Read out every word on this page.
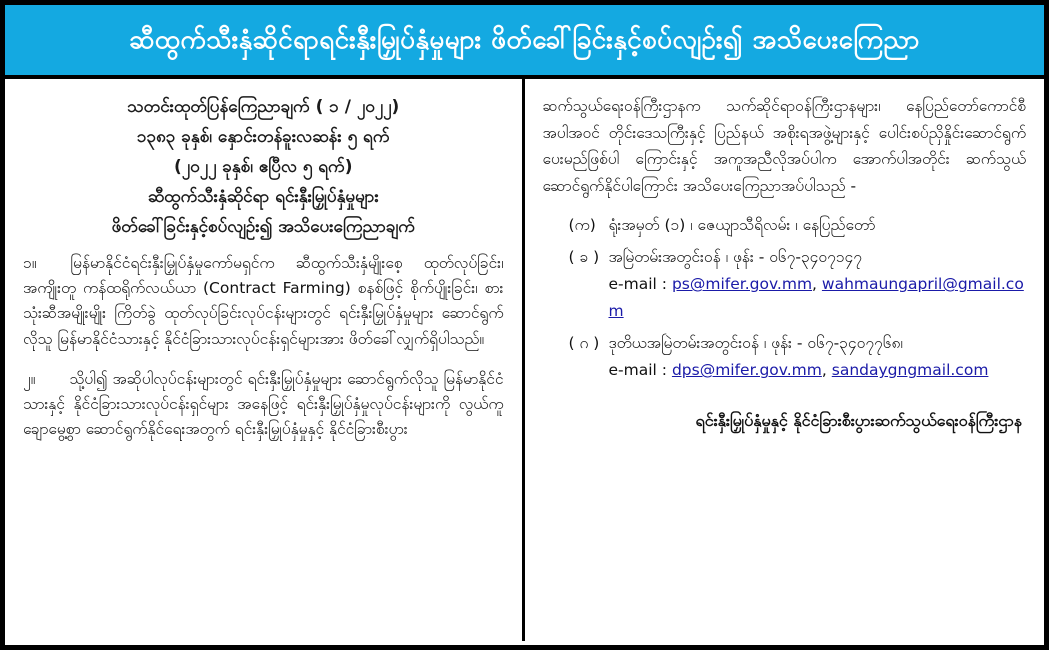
ဆီထွက်သီးနှံဆိုင်ရာရင်းနှီးမြှုပ်နှံမှုများ ဖိတ်ခေါ်ခြင်းနှင့်စပ်လျဉ်း၍ အသိပေးကြေညာ
သတင်းထုတ်ပြန်ကြေညာချက် ( ၁ / ၂၀၂၂)
၁၃၈၃ ခုနှစ်၊ နှောင်းတန်ခူးလဆန်း ၅ ရက်
(၂၀၂၂ ခုနှစ်၊ ဧပြီလ ၅ ရက်)
ဆီထွက်သီးနှံဆိုင်ရာ ရင်းနှီးမြှုပ်နှံမှုများ
ဖိတ်ခေါ်ခြင်းနှင့်စပ်လျဉ်း၍ အသိပေးကြေညာချက်

၁။ မြန်မာနိုင်ငံရင်းနှီးမြှုပ်နှံမှုကော်မရှင်က ဆီထွက်သီးနှံမျိုးစေ့ ထုတ်လုပ်ခြင်း၊ အကျိုးတူ ကန်ထရိုက်လယ်ယာ (Contract Farming) စနစ်ဖြင့် စိုက်ပျိုးခြင်း၊ စားသုံးဆီအမျိုးမျိုး ကြိတ်ခွဲ ထုတ်လုပ်ခြင်းလုပ်ငန်းများတွင် ရင်းနှီးမြှုပ်နှံမှုများ ဆောင်ရွက် လိုသူ မြန်မာနိုင်ငံသားနှင့် နိုင်ငံခြားသားလုပ်ငန်းရှင်များအား ဖိတ်ခေါ်လျှက်ရှိပါသည်။

၂။ သို့ပါ၍ အဆိုပါလုပ်ငန်းများတွင် ရင်းနှီးမြှုပ်နှံမှုများ ဆောင်ရွက်လိုသူ မြန်မာနိုင်ငံသားနှင့် နိုင်ငံခြားသားလုပ်ငန်းရှင်များ အနေဖြင့် ရင်းနှီးမြှုပ်နှံမှုလုပ်ငန်းများကို လွယ်ကူချောမွေ့စွာ ဆောင်ရွက်နိုင်ရေးအတွက် ရင်းနှီးမြှုပ်နှံမှုနှင့် နိုင်ငံခြားစီးပွား

ဆက်သွယ်ရေးဝန်ကြီးဌာနက သက်ဆိုင်ရာဝန်ကြီးဌာနများ၊ နေပြည်တော်ကောင်စီအပါအဝင် တိုင်းဒေသကြီးနှင့် ပြည်နယ် အစိုးရအဖွဲ့များနှင့် ပေါင်းစပ်ညှိနှိုင်းဆောင်ရွက်ပေးမည်ဖြစ်ပါ ကြောင်းနှင့် အကူအညီလိုအပ်ပါက အောက်ပါအတိုင်း ဆက်သွယ် ဆောင်ရွက်နိုင်ပါကြောင်း အသိပေးကြေညာအပ်ပါသည် -

(က) ရုံးအမှတ် (၁) ၊ ဇေယျာသီရိလမ်း ၊ နေပြည်တော်
( ခ ) အမြဲတမ်းအတွင်းဝန် ၊ ဖုန်း - ၀၆၇-၃၄၀၇၁၄၇
e-mail : ps@mifer.gov.mm, wahmaungapril@gmail.com
( ဂ ) ဒုတိယအမြဲတမ်းအတွင်းဝန် ၊ ဖုန်း - ၀၆၇-၃၄၀၇၇၆၈၊
e-mail : dps@mifer.gov.mm, sandaygngmail.com
ရင်းနှီးမြှုပ်နှံမှုနှင့် နိုင်ငံခြားစီးပွားဆက်သွယ်ရေးဝန်ကြီးဌာန
